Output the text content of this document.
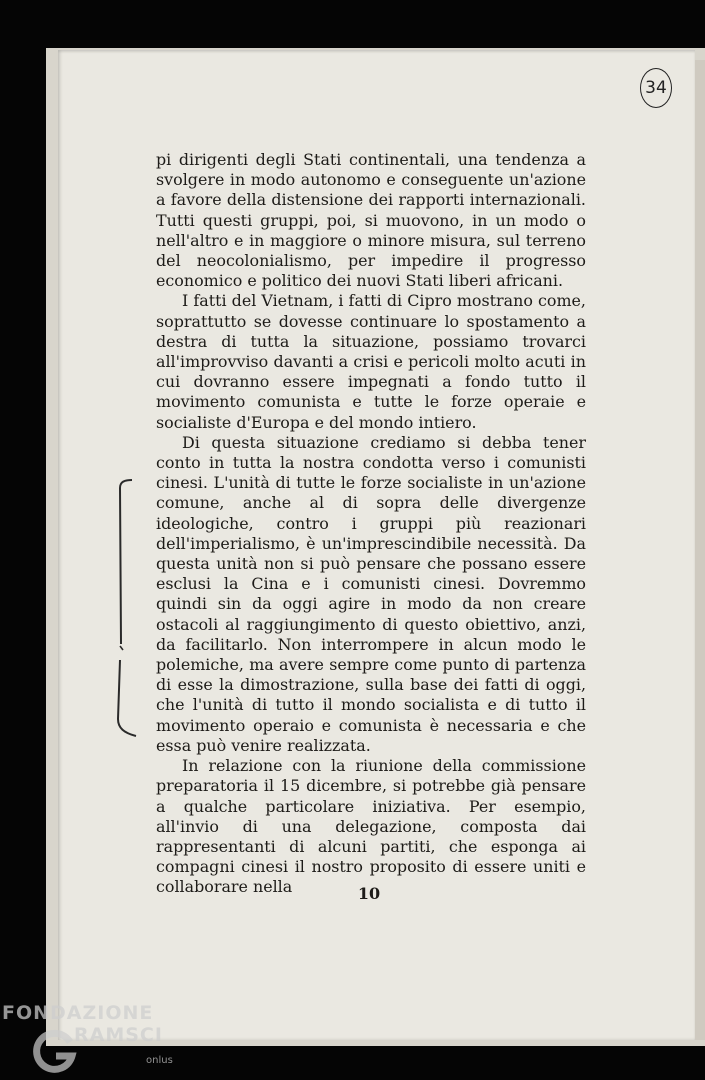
34

pi dirigenti degli Stati continentali, una tendenza a svolgere in modo autonomo e conseguente un'azione a favore della distensione dei rapporti internazionali. Tutti questi gruppi, poi, si muovono, in un modo o nell'altro e in maggiore o minore misura, sul terreno del neocolonialismo, per impedire il progresso economico e politico dei nuovi Stati liberi africani.

I fatti del Vietnam, i fatti di Cipro mostrano come, soprattutto se dovesse continuare lo spostamento a destra di tutta la situazione, possiamo trovarci all'improvviso davanti a crisi e pericoli molto acuti in cui dovranno essere impegnati a fondo tutto il movimento comunista e tutte le forze operaie e socialiste d'Europa e del mondo intiero.

Di questa situazione crediamo si debba tener conto in tutta la nostra condotta verso i comunisti cinesi. L'unità di tutte le forze socialiste in un'azione comune, anche al di sopra delle divergenze ideologiche, contro i gruppi più reazionari dell'imperialismo, è un'imprescindibile necessità. Da questa unità non si può pensare che possano essere esclusi la Cina e i comunisti cinesi. Dovremmo quindi sin da oggi agire in modo da non creare ostacoli al raggiungimento di questo obiettivo, anzi, da facilitarlo. Non interrompere in alcun modo le polemiche, ma avere sempre come punto di partenza di esse la dimostrazione, sulla base dei fatti di oggi, che l'unità di tutto il mondo socialista e di tutto il movimento operaio e comunista è necessaria e che essa può venire realizzata.

In relazione con la riunione della commissione preparatoria il 15 dicembre, si potrebbe già pensare a qualche particolare iniziativa. Per esempio, all'invio di una delegazione, composta dai rappresentanti di alcuni partiti, che esponga ai compagni cinesi il nostro proposito di essere uniti e collaborare nella	10
FONDAZIONE
RAMSCI
onlus
